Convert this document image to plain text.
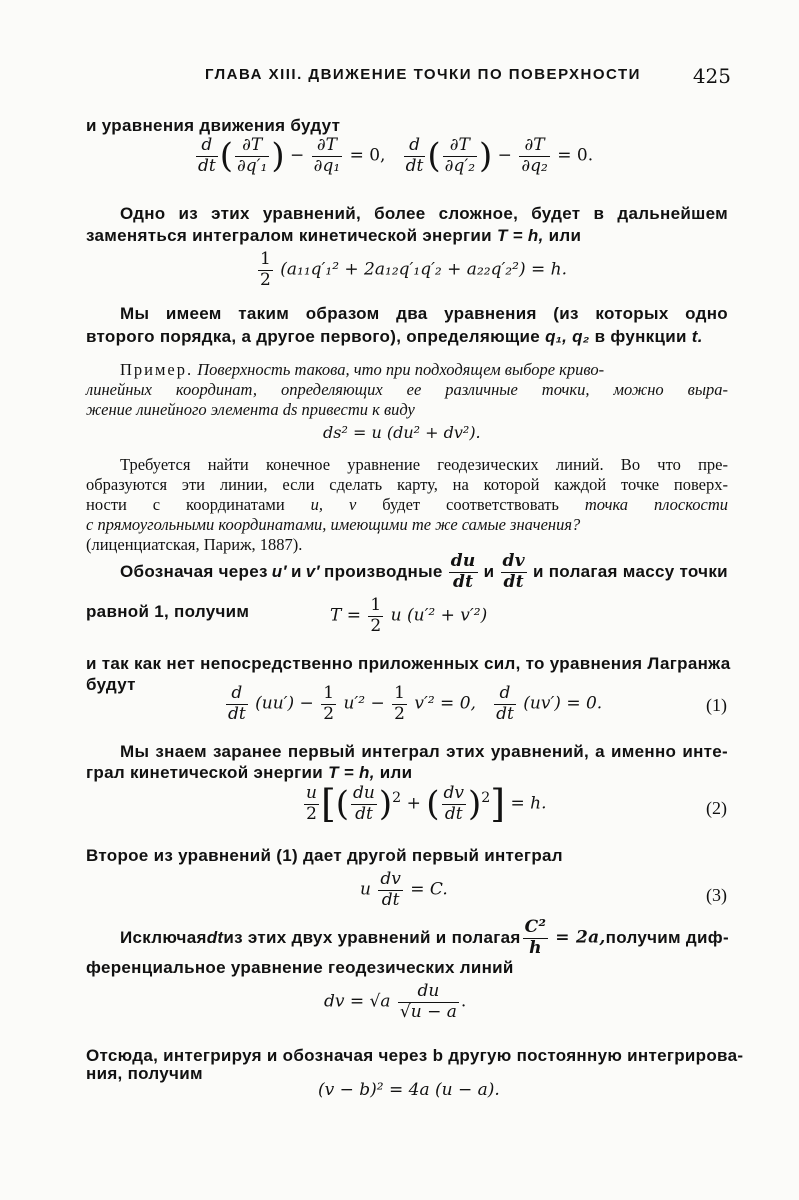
ГЛАВА XIII. ДВИЖЕНИЕ ТОЧКИ ПО ПОВЕРХНОСТИ	425
и уравнения движения будут
$\frac{d}{dt}$ ( $\frac{\partial T}{\text{∂q′₁}}$ ) − $\frac{\partial T}{\text{∂q₁}} = 0$, $\frac{d}{dt}$ ( $\frac{\partial T}{\text{∂q′₂}}$ ) − $\frac{\partial T}{\text{∂q₂}} = 0$.
Одно из этих уравнений, более сложное, будет в дальнейшем
заменяться интегралом кинетической энергии T = h, или
$\frac{1}{2} (a_{11}q'_1^2 + 2a_{12}q'_1q'_2 + a_{22}q'_2^2) = h$.
Мы имеем таким образом два уравнения (из которых одно
второго порядка, а другое первого), определяющие q₁, q₂ в функции t.
Пример. Поверхность такова, что при подходящем выборе криво-
линейных координат, определяющих ее различные точки, можно выра-
жение линейного элемента ds привести к виду
ds² = u (du² + dv²).
Требуется найти конечное уравнение геодезических линий. Во что пре-
образуются эти линии, если сделать карту, на которой каждой точке поверх-
ности с координатами u, v будет соответствовать точка плоскости
с прямоугольными координатами, имеющими те же самые значения?
(лиценциатская, Париж, 1887).
Обозначая через u′ и v′ производные $\frac{du}{dt}$ и $\frac{dv}{dt}$ и полагая массу точки
равной 1, получим	$T = \frac{1}{2}$ u (u′² + v′²)
и так как нет непосредственно приложенных сил, то уравнения Лагранжа
будут	$\frac{d}{dt} (uu') - \frac{1}{2} u'^2 - \frac{1}{2} v'^2 = 0$, $\frac{d}{dt} (uv') = 0$.	(1)
Мы знаем заранее первый интеграл этих уравнений, а именно инте-
грал кинетической энергии T = h, или
$\frac{u}{2}$ [( $\frac{du}{dt} )^2$ + ( $\frac{dv}{dt} )^2] = h$.	(2)
Второе из уравнений (1) дает другой первый интеграл
u $\frac{dv}{dt} = C$.	(3)
Исключая dt из этих двух уравнений и полагая $\frac{\text{C²}}{h} = 2a$, получим диф-
ференциальное уравнение геодезических линий
dv = $√a \frac{du}{√u - a}$ .
Отсюда, интегрируя и обозначая через b другую постоянную интегрирова-
ния, получим
(v − b)² = 4a (u − a).
